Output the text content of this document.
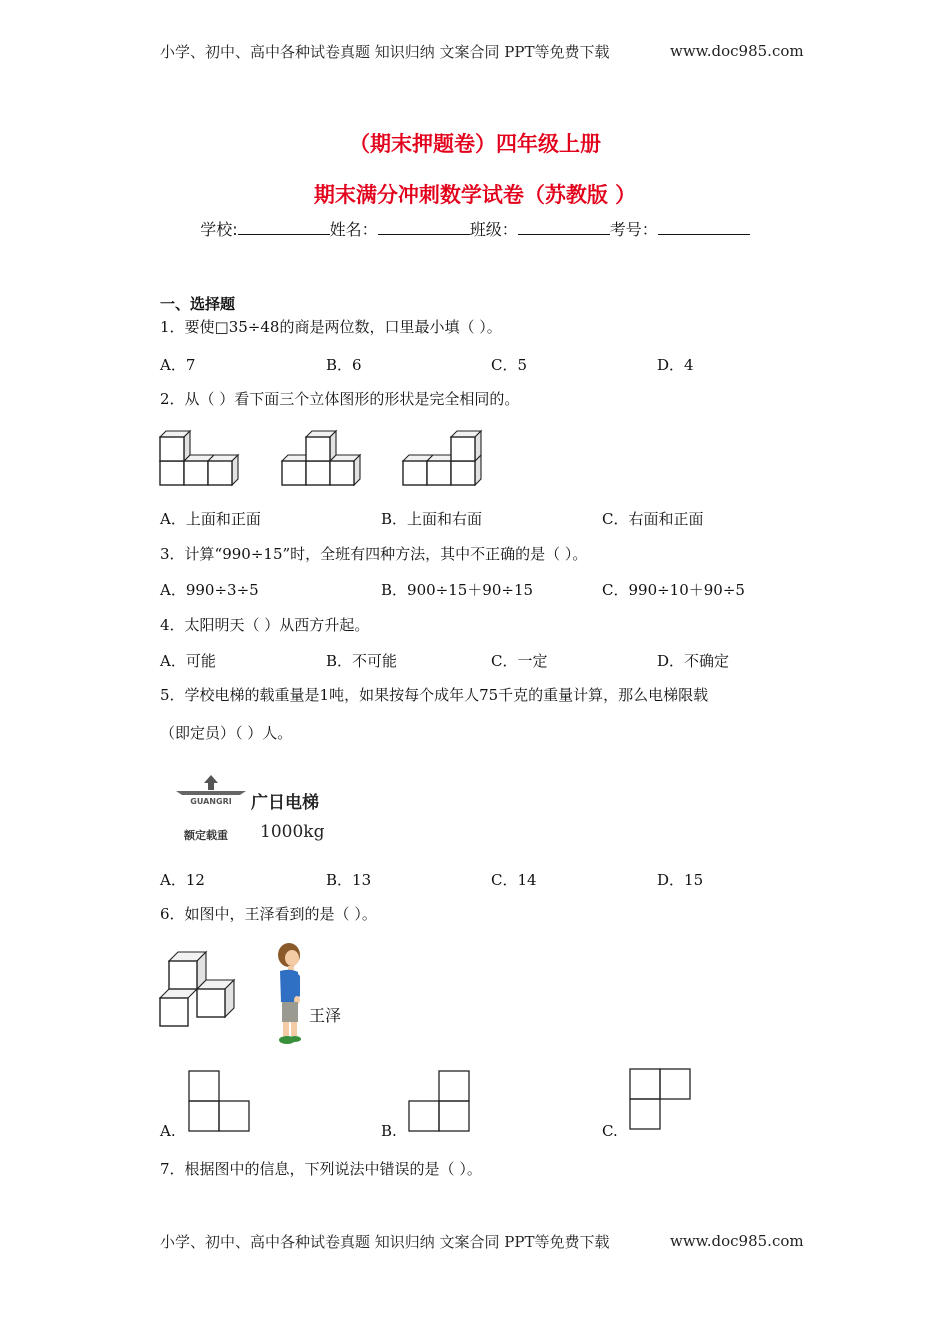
小学、初中、高中各种试卷真题 知识归纳 文案合同 PPT等免费下载	www.doc985.com
（期末押题卷）四年级上册
期末满分冲刺数学试卷（苏教版 ）
学校:	姓名：	班级：	考号：
一、选择题
1．要使□35÷48的商是两位数，口里最小填（ ）。
A．7	B．6	C．5	D．4
2．从（ ）看下面三个立体图形的形状是完全相同的。
A．上面和正面	B．上面和右面	C．右面和正面
3．计算“990÷15”时，全班有四种方法，其中不正确的是（ ）。
A．990÷3÷5	B．900÷15＋90÷15	C．990÷10＋90÷5
4．太阳明天（ ）从西方升起。
A．可能	B．不可能	C．一定	D．不确定
5．学校电梯的载重量是1吨，如果按每个成年人75千克的重量计算，那么电梯限载
（即定员）（ ）人。
GUANGRI 广日电梯
额定载重 1000kg
A．12	B．13	C．14	D．15
6．如图中，王泽看到的是（ ）。
王泽
A.	B.	C.
7．根据图中的信息，下列说法中错误的是（ ）。
小学、初中、高中各种试卷真题 知识归纳 文案合同 PPT等免费下载	www.doc985.com
